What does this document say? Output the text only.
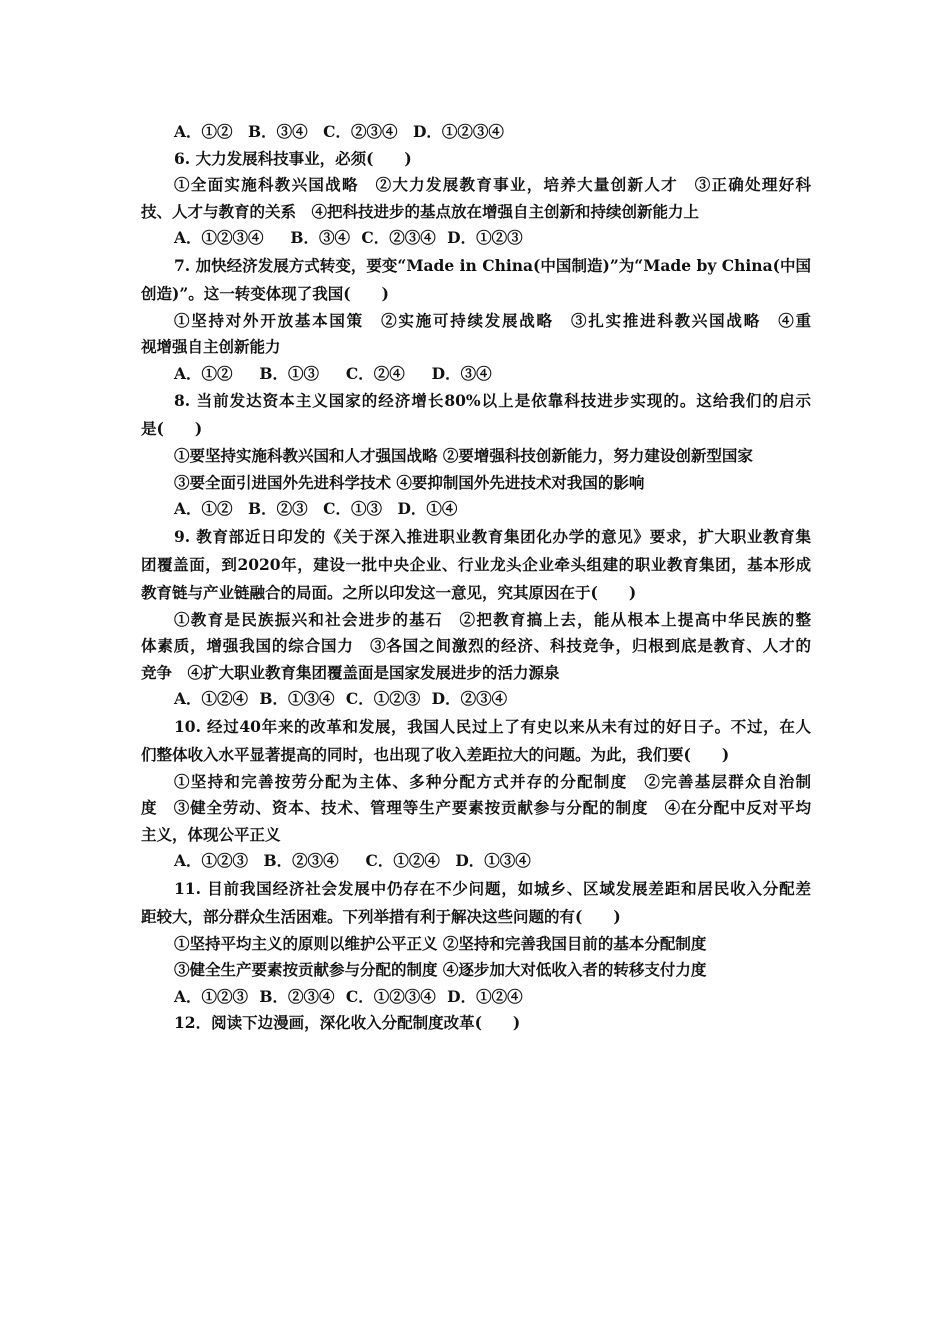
A．①②　B．③④　C．②③④　D．①②③④
6. 大力发展科技事业，必须(　　)
①全面实施科教兴国战略　②大力发展教育事业，培养大量创新人才　③正确处理好科
技、人才与教育的关系　④把科技进步的基点放在增强自主创新和持续创新能力上
A．①②③④　 B．③④ C．②③④ D．①②③
7. 加快经济发展方式转变，要变“Made in China(中国制造)”为“Made by China(中国
创造)”。这一转变体现了我国(　　)
①坚持对外开放基本国策　②实施可持续发展战略　③扎实推进科教兴国战略　④重
视增强自主创新能力
A．①②　 B．①③　 C．②④　 D．③④
8. 当前发达资本主义国家的经济增长80%以上是依靠科技进步实现的。这给我们的启示
是(　　)
①要坚持实施科教兴国和人才强国战略 ②要增强科技创新能力，努力建设创新型国家
③要全面引进国外先进科学技术 ④要抑制国外先进技术对我国的影响
A．①②　B．②③　C．①③　D．①④
9. 教育部近日印发的《关于深入推进职业教育集团化办学的意见》要求，扩大职业教育集
团覆盖面，到2020年，建设一批中央企业、行业龙头企业牵头组建的职业教育集团，基本形成
教育链与产业链融合的局面。之所以印发这一意见，究其原因在于(　　)
①教育是民族振兴和社会进步的基石　②把教育搞上去，能从根本上提高中华民族的整
体素质，增强我国的综合国力　③各国之间激烈的经济、科技竞争，归根到底是教育、人才的
竞争　④扩大职业教育集团覆盖面是国家发展进步的活力源泉
A．①②④ B．①③④ C．①②③ D．②③④
10. 经过40年来的改革和发展，我国人民过上了有史以来从未有过的好日子。不过，在人
们整体收入水平显著提高的同时，也出现了收入差距拉大的问题。为此，我们要(　　)
①坚持和完善按劳分配为主体、多种分配方式并存的分配制度　②完善基层群众自治制
度　③健全劳动、资本、技术、管理等生产要素按贡献参与分配的制度　④在分配中反对平均
主义，体现公平正义
A．①②③　B．②③④　 C．①②④　D．①③④
11. 目前我国经济社会发展中仍存在不少问题，如城乡、区域发展差距和居民收入分配差
距较大，部分群众生活困难。下列举措有利于解决这些问题的有(　　)
①坚持平均主义的原则以维护公平正义 ②坚持和完善我国目前的基本分配制度
③健全生产要素按贡献参与分配的制度 ④逐步加大对低收入者的转移支付力度
A．①②③ B．②③④ C．①②③④ D．①②④
12．阅读下边漫画，深化收入分配制度改革(　　)
